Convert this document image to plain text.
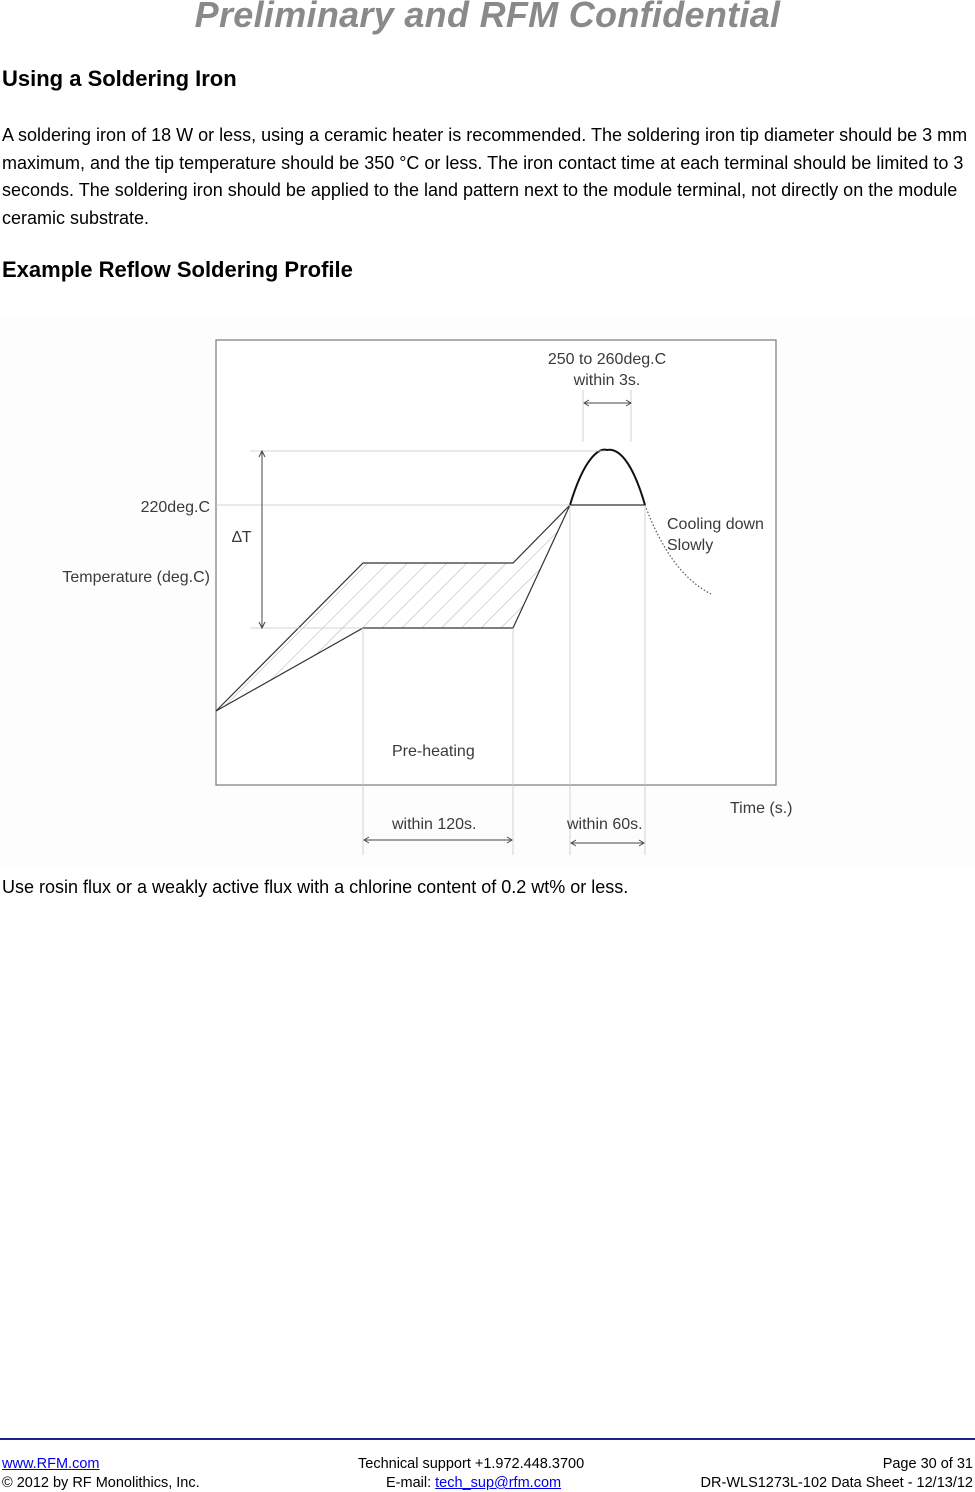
Preliminary and RFM Confidential
Using a Soldering Iron
A soldering iron of 18 W or less, using a ceramic heater is recommended. The soldering iron tip diameter should be 3 mm maximum, and the tip temperature should be 350 °C or less. The iron contact time at each terminal should be limited to 3 seconds. The soldering iron should be applied to the land pattern next to the module terminal, not directly on the module ceramic substrate.
Example Reflow Soldering Profile
250 to 260deg.C
within 3s.
220deg.C
∆T
Temperature (deg.C)
Cooling down
Slowly
Pre-heating
Time (s.)
within 120s.	within 60s.
Use rosin flux or a weakly active flux with a chlorine content of 0.2 wt% or less.
www.RFM.com
© 2012 by RF Monolithics, Inc.
Technical support +1.972.448.3700
E-mail: tech_sup@rfm.com
Page 30 of 31
DR-WLS1273L-102 Data Sheet - 12/13/12
